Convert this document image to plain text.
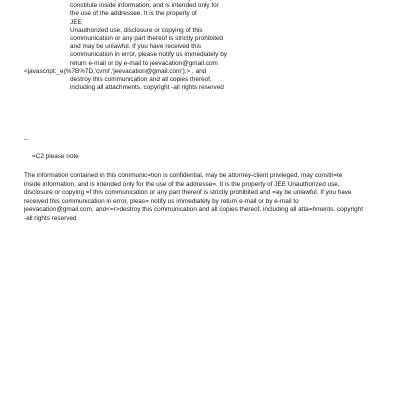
constitute inside information, and is intended only for
the use of the addressee. It is the property of
JEE
Unauthorized use, disclosure or copying of this
communication or any part thereof is strictly prohibited
and may be unlawful. If you have received this
communication in error, please notify us immediately by
return e-mail or by e-mail to jeevacation@gmail.com
<javascript:_e(%7B%7D,'cvml','jeevacation@gmail.com');> , and
destroy this communication and all copies thereof,
including all attachments. copyright -all rights reserved
--
=C2 please note
The information contained in this communic=tion is confidential, may be attorney-client privileged, may constit=te
inside information, and is intended only for the use of the addresse=. It is the property of JEE Unauthorized use,
disclosure or copying =f this communication or any part thereof is strictly prohibited and =ay be unlawful. If you have
received this communication in error, pleas= notify us immediately by return e-mail or by e-mail to
jeevacation@gmail.com, and<=r>destroy this communication and all copies thereof, including all atta=hments. copyright
-all rights reserved
